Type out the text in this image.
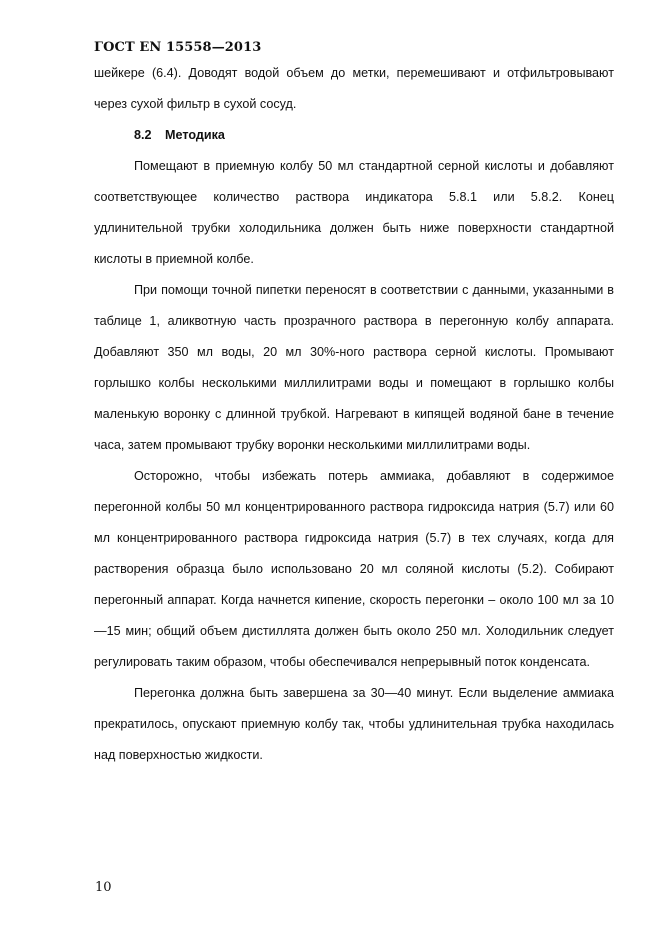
ГОСТ EN 15558—2013

шейкере (6.4). Доводят водой объем до метки, перемешивают и отфильтровывают через сухой фильтр в сухой сосуд.

8.2 Методика

Помещают в приемную колбу 50 мл стандартной серной кислоты и добавляют соответствующее количество раствора индикатора 5.8.1 или 5.8.2. Конец удлинительной трубки холодильника должен быть ниже поверхности стандартной кислоты в приемной колбе.

При помощи точной пипетки переносят в соответствии с данными, указанными в таблице 1, аликвотную часть прозрачного раствора в перегонную колбу аппарата. Добавляют 350 мл воды, 20 мл 30%-ного раствора серной кислоты. Промывают горлышко колбы несколькими миллилитрами воды и помещают в горлышко колбы маленькую воронку с длинной трубкой. Нагревают в кипящей водяной бане в течение часа, затем промывают трубку воронки несколькими миллилитрами воды.

Осторожно, чтобы избежать потерь аммиака, добавляют в содержимое перегонной колбы 50 мл концентрированного раствора гидроксида натрия (5.7) или 60 мл концентрированного раствора гидроксида натрия (5.7) в тех случаях, когда для растворения образца было использовано 20 мл соляной кислоты (5.2). Собирают перегонный аппарат. Когда начнется кипение, скорость перегонки – около 100 мл за 10—15 мин; общий объем дистиллята должен быть около 250 мл. Холодильник следует регулировать таким образом, чтобы обеспечивался непрерывный поток конденсата.

Перегонка должна быть завершена за 30—40 минут. Если выделение аммиака прекратилось, опускают приемную колбу так, чтобы удлинительная трубка находилась над поверхностью жидкости.

10
